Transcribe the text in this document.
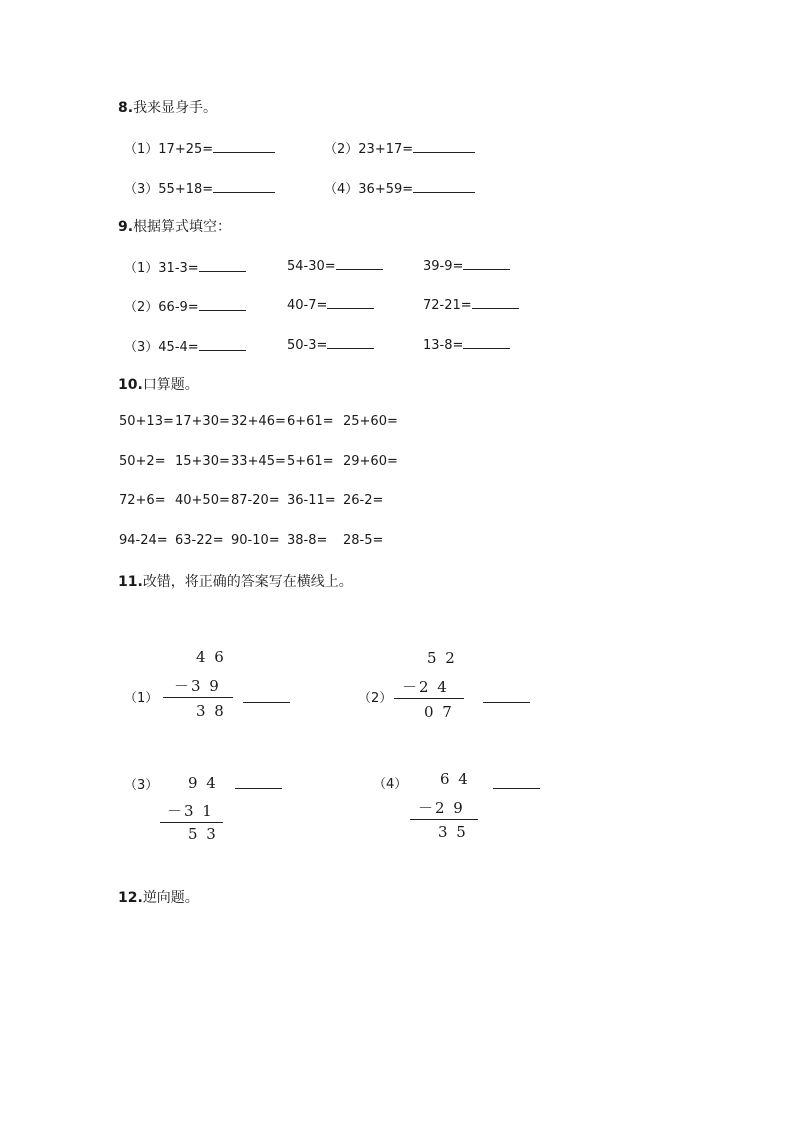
8.我来显身手。
（1）17+25=	（2）23+17=
（3）55+18=	（4）36+59=
9.根据算式填空：
（1）31-3=	54-30=	39-9=
（2）66-9=	40-7=	72-21=
（3）45-4=	50-3=	13-8=
10.口算题。
50+13= 17+30= 32+46= 6+61= 25+60=
50+2= 15+30= 33+45= 5+61= 29+60=
72+6= 40+50= 87-20= 36-11= 26-2=
94-24= 63-22= 90-10= 38-8= 28-5=
11.改错，将正确的答案写在横线上。
（1）
4 6
－3 9
3 8
（2）
5 2
－2 4
0 7
（3） 9 4
－3 1
5 3
（4） 6 4
－2 9
3 5
12.逆向题。
